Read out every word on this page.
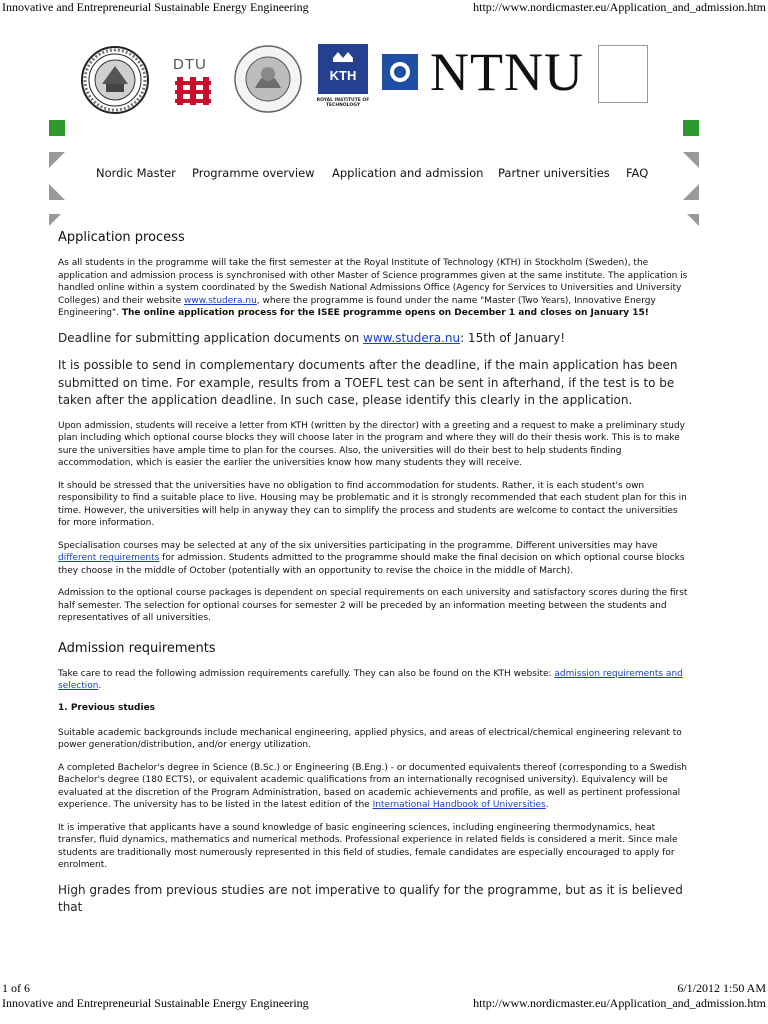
Innovative and Entrepreneurial Sustainable Energy Engineering	http://www.nordicmaster.eu/Application_and_admission.htm
DTU
KTH
ROYAL INSTITUTE OF TECHNOLOGY
NTNU
Nordic Master Programme overview Application and admission Partner universities FAQ
Application process

As all students in the programme will take the first semester at the Royal Institute of Technology (KTH) in Stockholm (Sweden), the application and admission process is synchronised with other Master of Science programmes given at the same institute. The application is handled online within a system coordinated by the Swedish National Admissions Office (Agency for Services to Universities and University Colleges) and their website www.studera.nu, where the programme is found under the name "Master (Two Years), Innovative Energy Engineering". The online application process for the ISEE programme opens on December 1 and closes on January 15!

Deadline for submitting application documents on www.studera.nu: 15th of January!

It is possible to send in complementary documents after the deadline, if the main application has been submitted on time. For example, results from a TOEFL test can be sent in afterhand, if the test is to be taken after the application deadline. In such case, please identify this clearly in the application.

Upon admission, students will receive a letter from KTH (written by the director) with a greeting and a request to make a preliminary study plan including which optional course blocks they will choose later in the program and where they will do their thesis work. This is to make sure the universities have ample time to plan for the courses. Also, the universities will do their best to help students finding accommodation, which is easier the earlier the universities know how many students they will receive.

It should be stressed that the universities have no obligation to find accommodation for students. Rather, it is each student's own responsibility to find a suitable place to live. Housing may be problematic and it is strongly recommended that each student plan for this in time. However, the universities will help in anyway they can to simplify the process and students are welcome to contact the universities for more information.

Specialisation courses may be selected at any of the six universities participating in the programme. Different universities may have different requirements for admission. Students admitted to the programme should make the final decision on which optional course blocks they choose in the middle of October (potentially with an opportunity to revise the choice in the middle of March).

Admission to the optional course packages is dependent on special requirements on each university and satisfactory scores during the first half semester. The selection for optional courses for semester 2 will be preceded by an information meeting between the students and representatives of all universities.

Admission requirements

Take care to read the following admission requirements carefully. They can also be found on the KTH website: admission requirements and selection.

1. Previous studies

Suitable academic backgrounds include mechanical engineering, applied physics, and areas of electrical/chemical engineering relevant to power generation/distribution, and/or energy utilization.

A completed Bachelor's degree in Science (B.Sc.) or Engineering (B.Eng.) - or documented equivalents thereof (corresponding to a Swedish Bachelor's degree (180 ECTS), or equivalent academic qualifications from an internationally recognised university). Equivalency will be evaluated at the discretion of the Program Administration, based on academic achievements and profile, as well as pertinent professional experience. The university has to be listed in the latest edition of the International Handbook of Universities.

It is imperative that applicants have a sound knowledge of basic engineering sciences, including engineering thermodynamics, heat transfer, fluid dynamics, mathematics and numerical methods. Professional experience in related fields is considered a merit. Since male students are traditionally most numerously represented in this field of studies, female candidates are especially encouraged to apply for enrolment.

High grades from previous studies are not imperative to qualify for the programme, but as it is believed that

1 of 6	6/1/2012 1:50 AM
Innovative and Entrepreneurial Sustainable Energy Engineering	http://www.nordicmaster.eu/Application_and_admission.htm
